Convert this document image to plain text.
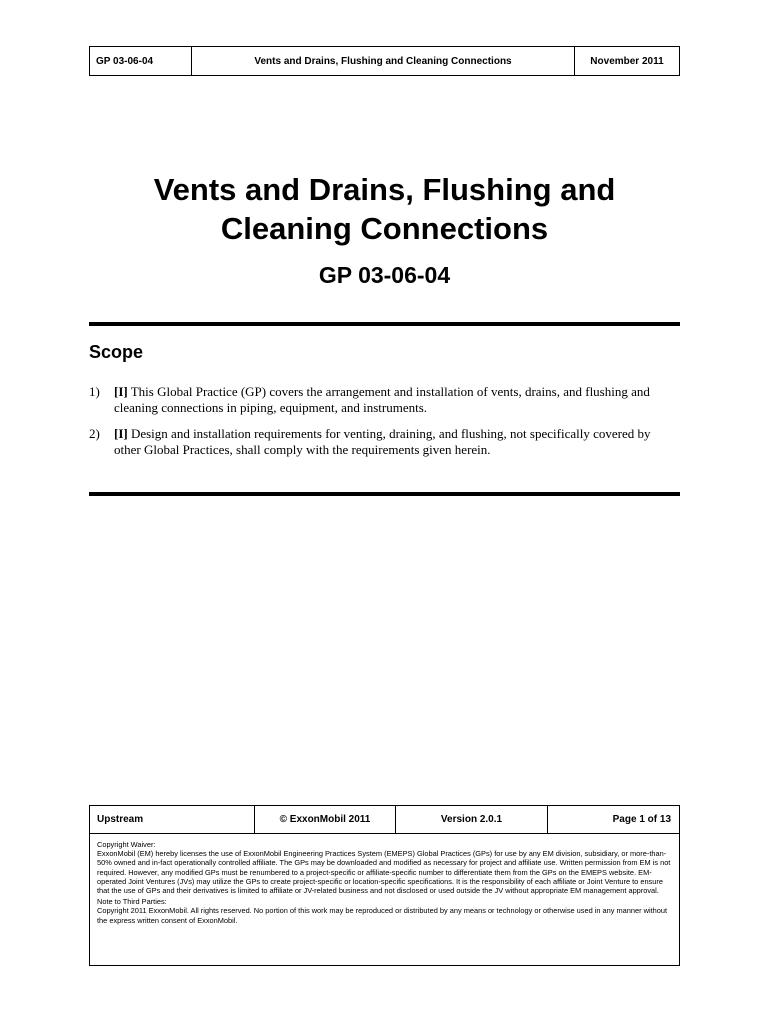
GP 03-06-04	Vents and Drains, Flushing and Cleaning Connections	November 2011
Vents and Drains, Flushing and
Cleaning Connections
GP 03-06-04
Scope
1)	[I] This Global Practice (GP) covers the arrangement and installation of vents, drains, and flushing and cleaning connections in piping, equipment, and instruments.
2)	[I] Design and installation requirements for venting, draining, and flushing, not specifically covered by other Global Practices, shall comply with the requirements given herein.
Upstream	© ExxonMobil 2011	Version 2.0.1	Page 1 of 13

Copyright Waiver:

ExxonMobil (EM) hereby licenses the use of ExxonMobil Engineering Practices System (EMEPS) Global Practices (GPs) for use by any EM division, subsidiary, or more-than-50% owned and in-fact operationally controlled affiliate. The GPs may be downloaded and modified as necessary for project and affiliate use. Written permission from EM is not required. However, any modified GPs must be renumbered to a project-specific or affiliate-specific number to differentiate them from the GPs on the EMEPS website. EM-operated Joint Ventures (JVs) may utilize the GPs to create project-specific or location-specific specifications. It is the responsibility of each affiliate or Joint Venture to ensure that the use of GPs and their derivatives is limited to affiliate or JV-related business and not disclosed or used outside the JV without appropriate EM management approval.

Note to Third Parties:

Copyright 2011 ExxonMobil. All rights reserved. No portion of this work may be reproduced or distributed by any means or technology or otherwise used in any manner without the express written consent of ExxonMobil.
